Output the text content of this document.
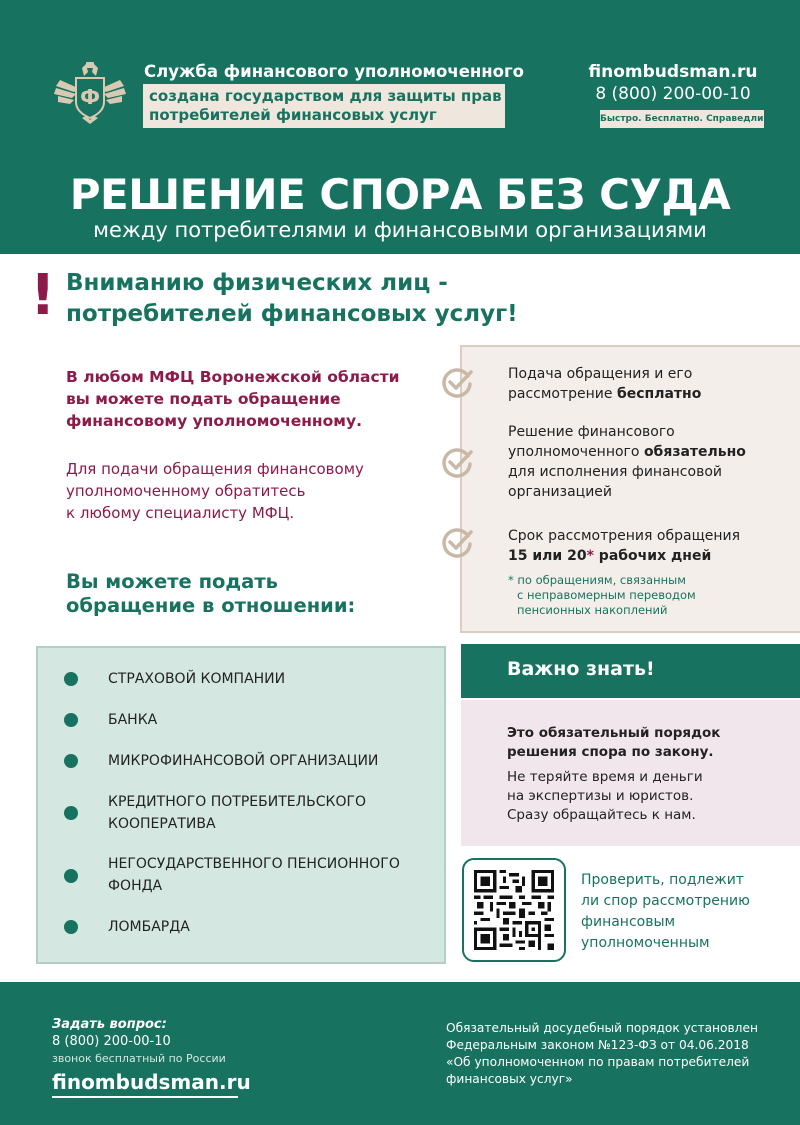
Ф
Служба финансового уполномоченного
создана государством для защиты прав
потребителей финансовых услуг
finombudsman.ru
8 (800) 200-00-10
Быстро. Бесплатно. Справедливо
РЕШЕНИЕ СПОРА БЕЗ СУДА
между потребителями и финансовыми организациями
! Вниманию физических лиц -
потребителей финансовых услуг!
В любом МФЦ Воронежской области
вы можете подать обращение
финансовому уполномоченному.
Для подачи обращения финансовому
уполномоченному обратитесь
к любому специалисту МФЦ.
Вы можете подать
обращение в отношении:
Подача обращения и его
рассмотрение бесплатно
Решение финансового
уполномоченного обязательно
для исполнения финансовой
организацией
Срок рассмотрения обращения
15 или 20* рабочих дней
* по обращениям, связанным
с неправомерным переводом
пенсионных накоплений
СТРАХОВОЙ КОМПАНИИ
БАНКА
МИКРОФИНАНСОВОЙ ОРГАНИЗАЦИИ
КРЕДИТНОГО ПОТРЕБИТЕЛЬСКОГО
КООПЕРАТИВА
НЕГОСУДАРСТВЕННОГО ПЕНСИОННОГО
ФОНДА
ЛОМБАРДА
Важно знать!
Это обязательный порядок
решения спора по закону.
Не теряйте время и деньги
на экспертизы и юристов.
Сразу обращайтесь к нам.
Проверить, подлежит
ли спор рассмотрению
финансовым
уполномоченным
Задать вопрос:
8 (800) 200-00-10
звонок бесплатный по России
finombudsman.ru
Обязательный досудебный порядок установлен
Федеральным законом №123-ФЗ от 04.06.2018
«Об уполномоченном по правам потребителей
финансовых услуг»
